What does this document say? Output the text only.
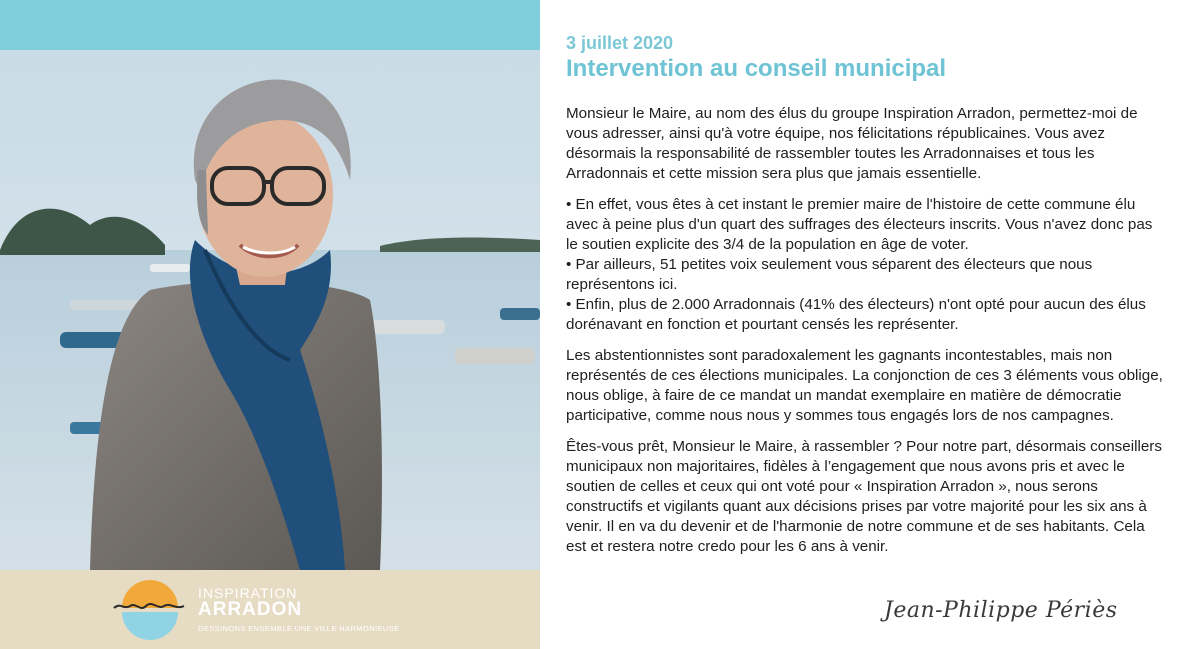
INSPIRATION
ARRADON
DESSINONS ENSEMBLE UNE VILLE HARMONIEUSE

3 juillet 2020

Intervention au conseil municipal

Monsieur le Maire, au nom des élus du groupe Inspiration Arradon, permettez-moi de vous adresser, ainsi qu'à votre équipe, nos félicitations républicaines. Vous avez désormais la responsabilité de rassembler toutes les Arradonnaises et tous les Arradonnais et cette mission sera plus que jamais essentielle.

• En effet, vous êtes à cet instant le premier maire de l'histoire de cette commune élu avec à peine plus d'un quart des suffrages des électeurs inscrits. Vous n'avez donc pas le soutien explicite des 3/4 de la population en âge de voter.
• Par ailleurs, 51 petites voix seulement vous séparent des électeurs que nous représentons ici.
• Enfin, plus de 2.000 Arradonnais (41% des électeurs) n'ont opté pour aucun des élus dorénavant en fonction et pourtant censés les représenter.

Les abstentionnistes sont paradoxalement les gagnants incontestables, mais non représentés de ces élections municipales. La conjonction de ces 3 éléments vous oblige, nous oblige, à faire de ce mandat un mandat exemplaire en matière de démocratie participative, comme nous nous y sommes tous engagés lors de nos campagnes.

Êtes-vous prêt, Monsieur le Maire, à rassembler ? Pour notre part, désormais conseillers municipaux non majoritaires, fidèles à l’engagement que nous avons pris et avec le soutien de celles et ceux qui ont voté pour « Inspiration Arradon », nous serons constructifs et vigilants quant aux décisions prises par votre majorité pour les six ans à venir. Il en va du devenir et de l'harmonie de notre commune et de ses habitants. Cela est et restera notre credo pour les 6 ans à venir.

Jean-Philippe Périès
